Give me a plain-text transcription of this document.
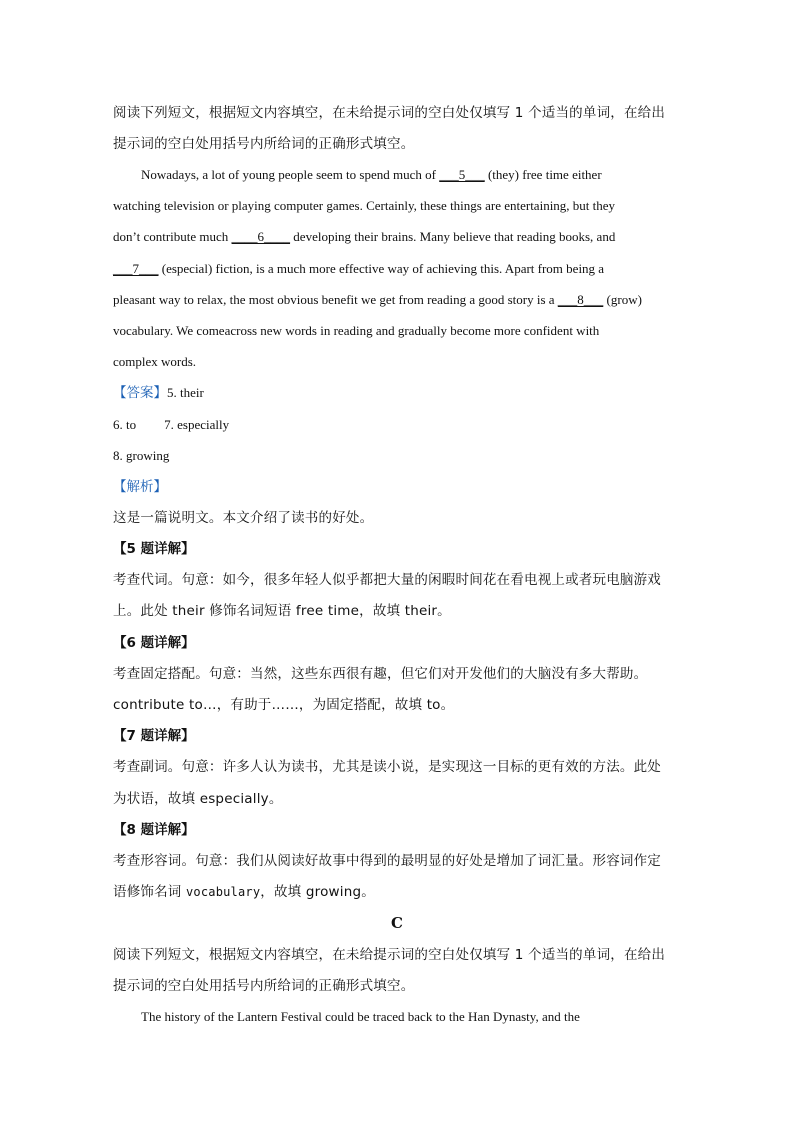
阅读下列短文，根据短文内容填空，在未给提示词的空白处仅填写 1 个适当的单词，在给出
提示词的空白处用括号内所给词的正确形式填空。
Nowadays, a lot of young people seem to spend much of ___5___ (they) free time either
watching television or playing computer games. Certainly, these things are entertaining, but they
don’t contribute much ____6____ developing their brains. Many believe that reading books, and
___7___ (especial) fiction, is a much more effective way of achieving this. Apart from being a
pleasant way to relax, the most obvious benefit we get from reading a good story is a ___8___ (grow)
vocabulary. We comeacross new words in reading and gradually become more confident with
complex words.
【答案】5. their
6. to 7. especially
8. growing
【解析】
这是一篇说明文。本文介绍了读书的好处。
【5 题详解】
考查代词。句意：如今，很多年轻人似乎都把大量的闲暇时间花在看电视上或者玩电脑游戏
上。此处 their 修饰名词短语 free time，故填 their。
【6 题详解】
考查固定搭配。句意：当然，这些东西很有趣，但它们对开发他们的大脑没有多大帮助。
contribute to…，有助于……，为固定搭配，故填 to。
【7 题详解】
考查副词。句意：许多人认为读书，尤其是读小说，是实现这一目标的更有效的方法。此处
为状语，故填 especially。
【8 题详解】
考查形容词。句意：我们从阅读好故事中得到的最明显的好处是增加了词汇量。形容词作定
语修饰名词 vocabulary，故填 growing。
C
阅读下列短文，根据短文内容填空，在未给提示词的空白处仅填写 1 个适当的单词，在给出
提示词的空白处用括号内所给词的正确形式填空。
The history of the Lantern Festival could be traced back to the Han Dynasty, and the
